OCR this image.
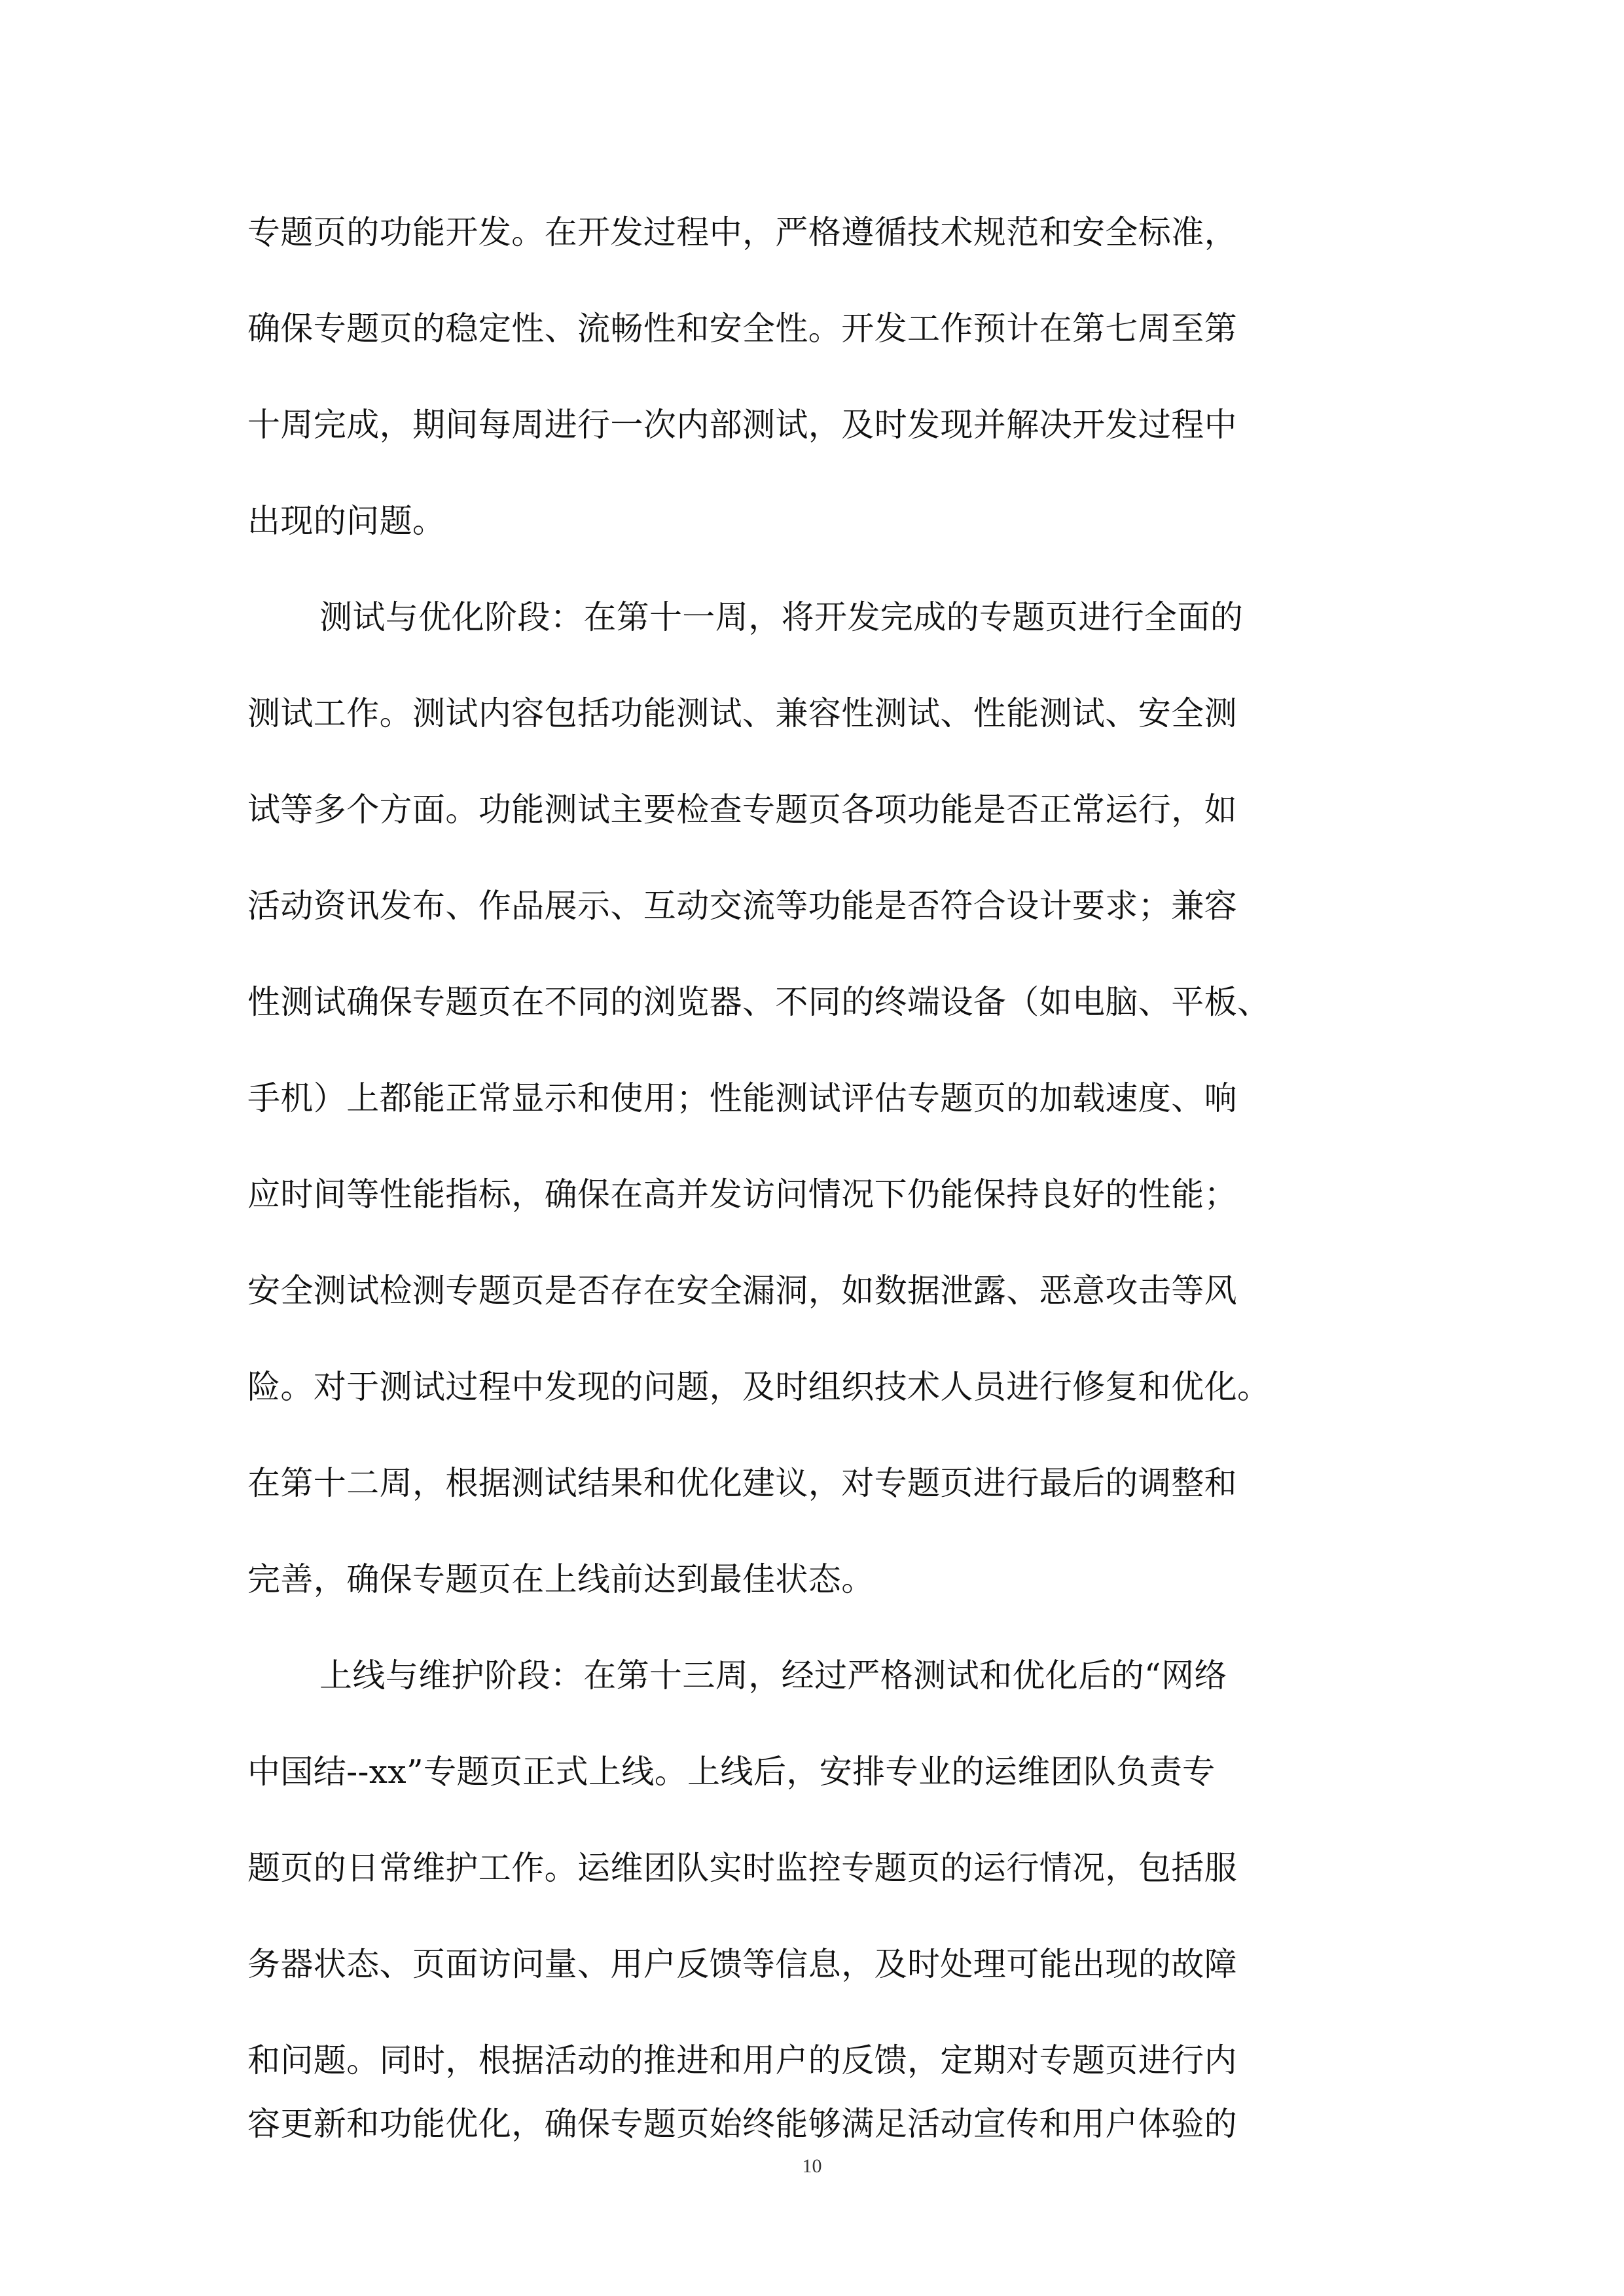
专题页的功能开发。在开发过程中，严格遵循技术规范和安全标准，

确保专题页的稳定性、流畅性和安全性。开发工作预计在第七周至第

十周完成，期间每周进行一次内部测试，及时发现并解决开发过程中

出现的问题。

测试与优化阶段：在第十一周，将开发完成的专题页进行全面的

测试工作。测试内容包括功能测试、兼容性测试、性能测试、安全测

试等多个方面。功能测试主要检查专题页各项功能是否正常运行，如

活动资讯发布、作品展示、互动交流等功能是否符合设计要求；兼容

性测试确保专题页在不同的浏览器、不同的终端设备（如电脑、平板、

手机）上都能正常显示和使用；性能测试评估专题页的加载速度、响

应时间等性能指标，确保在高并发访问情况下仍能保持良好的性能；

安全测试检测专题页是否存在安全漏洞，如数据泄露、恶意攻击等风

险。对于测试过程中发现的问题，及时组织技术人员进行修复和优化。

在第十二周，根据测试结果和优化建议，对专题页进行最后的调整和

完善，确保专题页在上线前达到最佳状态。

上线与维护阶段：在第十三周，经过严格测试和优化后的“网络

中国结--xx”专题页正式上线。上线后，安排专业的运维团队负责专

题页的日常维护工作。运维团队实时监控专题页的运行情况，包括服

务器状态、页面访问量、用户反馈等信息，及时处理可能出现的故障

和问题。同时，根据活动的推进和用户的反馈，定期对专题页进行内

容更新和功能优化，确保专题页始终能够满足活动宣传和用户体验的

10
